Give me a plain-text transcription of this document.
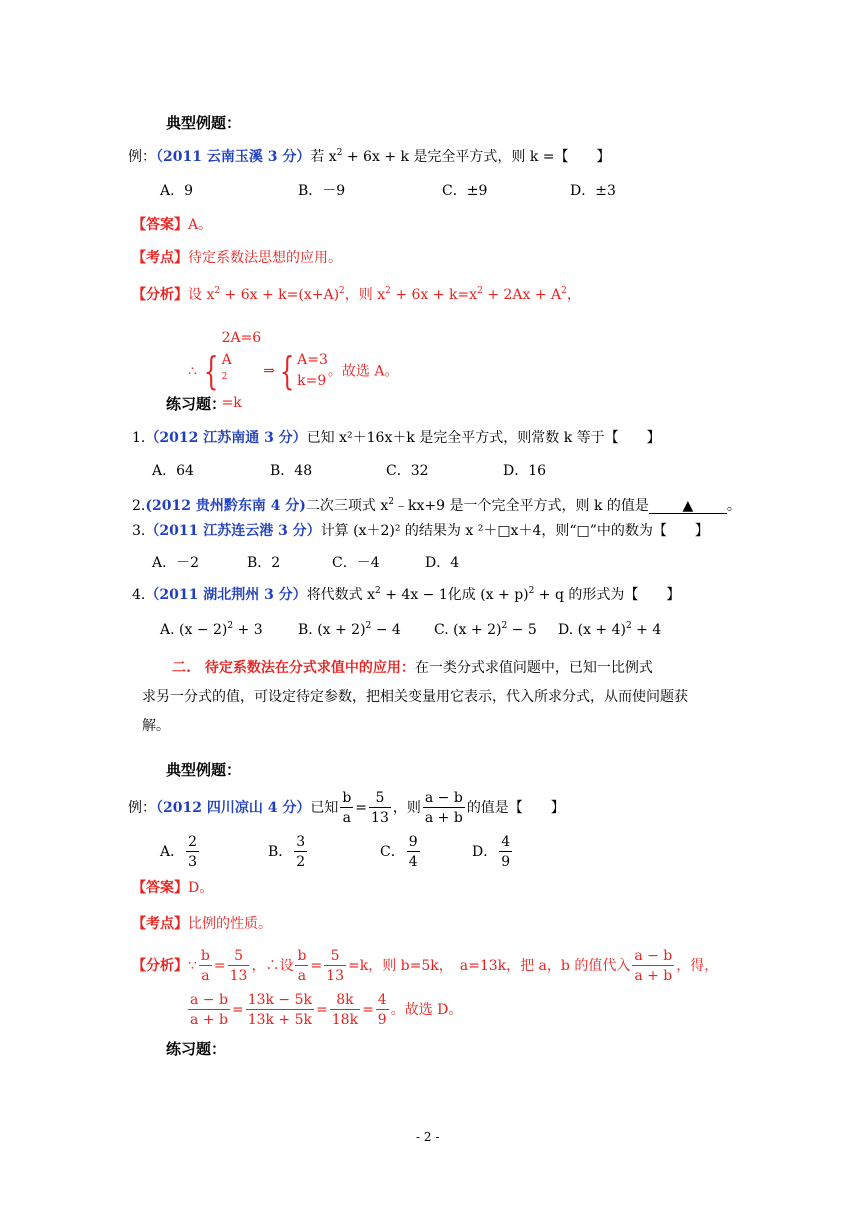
典型例题：
例：（2011 云南玉溪 3 分）若 $x^2 + 6x + k$ 是完全平方式，则 k =【　　】
A．9	B．－9	C．±9	D．±3
【答案】A。
【考点】待定系数法思想的应用。
【分析】设 $x^2 + 6x + k=(x+A)^2$，则 $x^2 + 6x + k=x^2 + 2Ax + A^2$，
∴ {
2A=6
A
$^2$
=k
⇒ { A=3
k=9
。故选 A。
练习题：
1.（2012 江苏南通 3 分）已知 x²＋16x＋k 是完全平方式，则常数 k 等于【　　】
A．64	B．48	C．32	D．16
2.(2012 贵州黔东南 4 分)二次三项式 $x^2﹣kx+9$ 是一个完全平方式，则 k 的值是 ▲ 。
3.（2011 江苏连云港 3 分）计算 (x＋2)² 的结果为 x ²＋□x＋4，则“□”中的数为【　　】
A．－2	B．2	C．－4	D．4
4.（2011 湖北荆州 3 分）将代数式 $x^2 + 4x - 1$化成 $(x + p)^2 + q$ 的形式为【　　】
A. $(x - 2)^2 + 3$	B. $(x + 2)^2 - 4$ C. $(x + 2)^2 - 5$ D. $(x + 4)^2 + 4$
二.　待定系数法在分式求值中的应用：在一类分式求值问题中，已知一比例式
求另一分式的值，可设定待定参数，把相关变量用它表示，代入所求分式，从而使问题获
解。
典型例题：
例：（2012 四川凉山 4 分）已知 $\frac{b}{a} = \frac{5}{13}$ ，则 $\frac{a - b}{a + b}$ 的值是【　　】
A． $\frac{2}{3}$	B． $\frac{3}{2}$	C． $\frac{9}{4}$	D． $\frac{4}{9}$
【答案】D。
【考点】比例的性质。
【分析】∵ $\frac{b}{a} = \frac{5}{13}$ ，∴设 $\frac{b}{a} = \frac{5}{13} =k$，则 b=5k，　a=13k，把 a，b 的值代入 $\frac{a - b}{a + b}$ ，得，
$\frac{a - b}{a + b} = \frac{13k - 5k}{13k + 5k} = \frac{8k}{18k} = \frac{4}{9}$ 。故选 D。
练习题：
- 2 -
